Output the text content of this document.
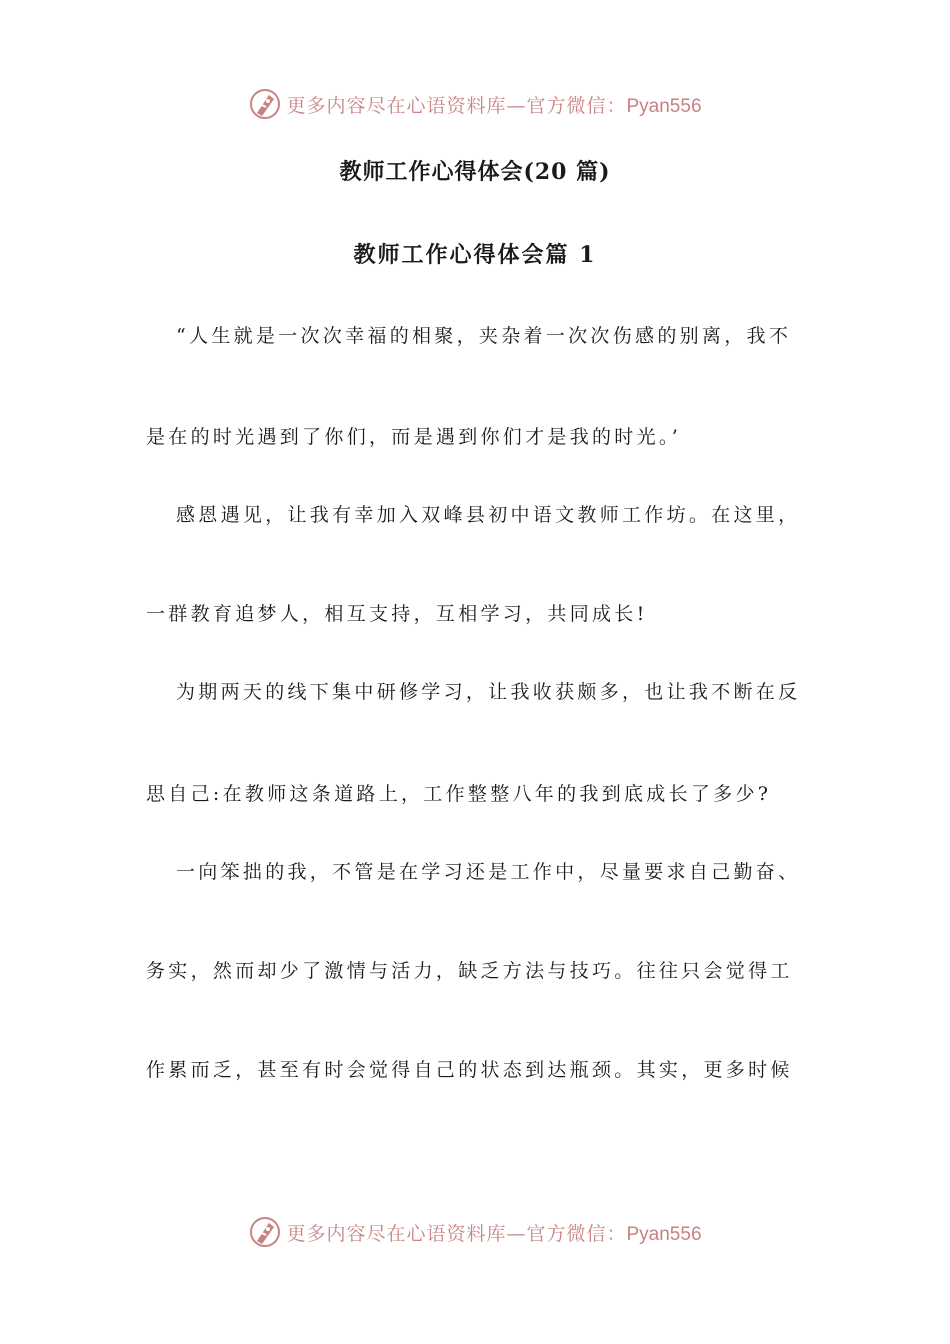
更多内容尽在心语资料库—官方微信：Pyan556
教师工作心得体会(20 篇)
教师工作心得体会篇 1
“人生就是一次次幸福的相聚，夹杂着一次次伤感的别离，我不
是在的时光遇到了你们，而是遇到你们才是我的时光。’
感恩遇见，让我有幸加入双峰县初中语文教师工作坊。在这里，
一群教育追梦人，相互支持，互相学习，共同成长!
为期两天的线下集中研修学习，让我收获颇多，也让我不断在反
思自己:在教师这条道路上，工作整整八年的我到底成长了多少?
一向笨拙的我，不管是在学习还是工作中，尽量要求自己勤奋、
务实，然而却少了激情与活力，缺乏方法与技巧。往往只会觉得工
作累而乏，甚至有时会觉得自己的状态到达瓶颈。其实，更多时候
更多内容尽在心语资料库—官方微信：Pyan556
